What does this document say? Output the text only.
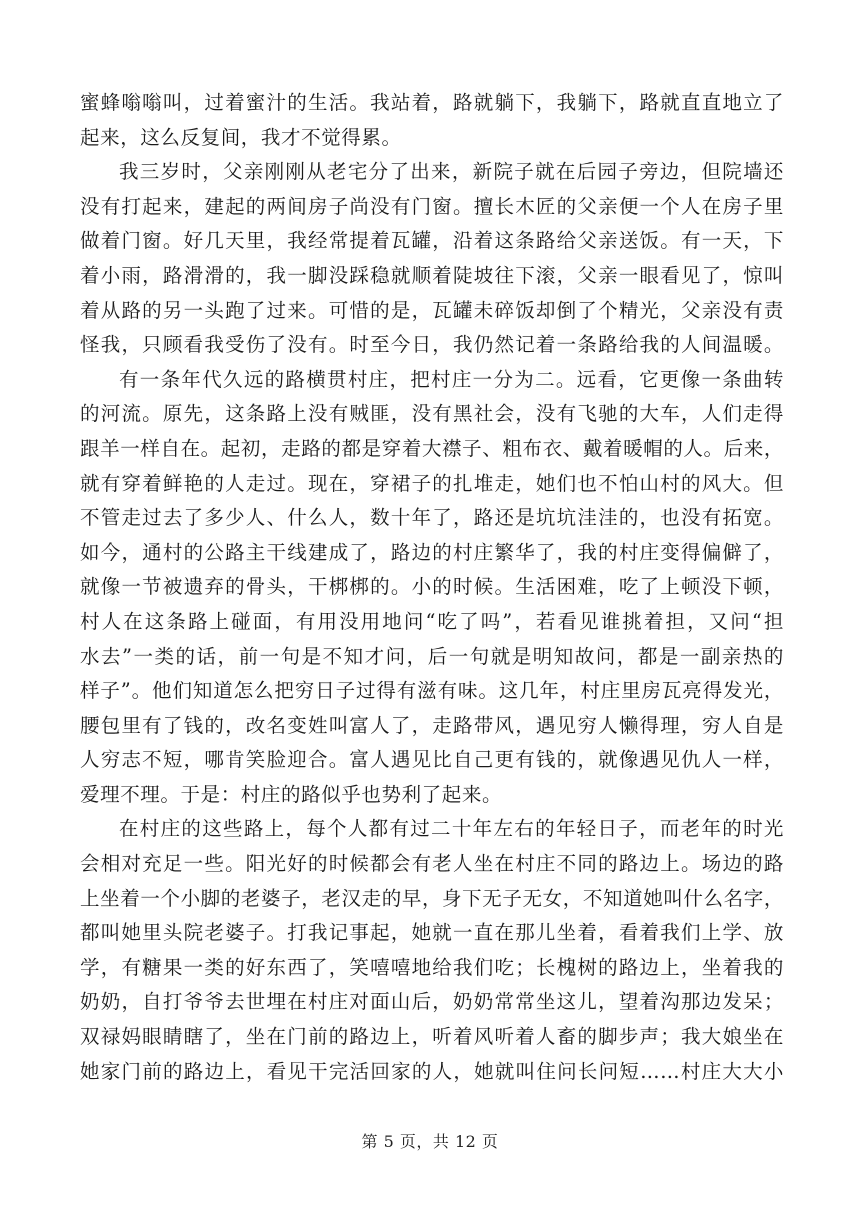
蜜蜂嗡嗡叫，过着蜜汁的生活。我站着，路就躺下，我躺下，路就直直地立了
起来，这么反复间，我才不觉得累。
我三岁时，父亲刚刚从老宅分了出来，新院子就在后园子旁边，但院墙还
没有打起来，建起的两间房子尚没有门窗。擅长木匠的父亲便一个人在房子里
做着门窗。好几天里，我经常提着瓦罐，沿着这条路给父亲送饭。有一天，下
着小雨，路滑滑的，我一脚没踩稳就顺着陡坡往下滚，父亲一眼看见了，惊叫
着从路的另一头跑了过来。可惜的是，瓦罐未碎饭却倒了个精光，父亲没有责
怪我，只顾看我受伤了没有。时至今日，我仍然记着一条路给我的人间温暖。
有一条年代久远的路横贯村庄，把村庄一分为二。远看，它更像一条曲转
的河流。原先，这条路上没有贼匪，没有黑社会，没有飞驰的大车，人们走得
跟羊一样自在。起初，走路的都是穿着大襟子、粗布衣、戴着暖帽的人。后来，
就有穿着鲜艳的人走过。现在，穿裙子的扎堆走，她们也不怕山村的风大。但
不管走过去了多少人、什么人，数十年了，路还是坑坑洼洼的，也没有拓宽。
如今，通村的公路主干线建成了，路边的村庄繁华了，我的村庄变得偏僻了，
就像一节被遗弃的骨头，干梆梆的。小的时候。生活困难，吃了上顿没下顿，
村人在这条路上碰面，有用没用地问“吃了吗”，若看见谁挑着担，又问“担
水去”一类的话，前一句是不知才问，后一句就是明知故问，都是一副亲热的
样子”。他们知道怎么把穷日子过得有滋有味。这几年，村庄里房瓦亮得发光，
腰包里有了钱的，改名变姓叫富人了，走路带风，遇见穷人懒得理，穷人自是
人穷志不短，哪肯笑脸迎合。富人遇见比自己更有钱的，就像遇见仇人一样，
爱理不理。于是：村庄的路似乎也势利了起来。
在村庄的这些路上，每个人都有过二十年左右的年轻日子，而老年的时光
会相对充足一些。阳光好的时候都会有老人坐在村庄不同的路边上。场边的路
上坐着一个小脚的老婆子，老汉走的早，身下无子无女，不知道她叫什么名字，
都叫她里头院老婆子。打我记事起，她就一直在那儿坐着，看着我们上学、放
学，有糖果一类的好东西了，笑嘻嘻地给我们吃；长槐树的路边上，坐着我的
奶奶，自打爷爷去世埋在村庄对面山后，奶奶常常坐这儿，望着沟那边发呆；
双禄妈眼睛瞎了，坐在门前的路边上，听着风听着人畜的脚步声；我大娘坐在
她家门前的路边上，看见干完活回家的人，她就叫住问长问短……村庄大大小
第 5 页，共 12 页
